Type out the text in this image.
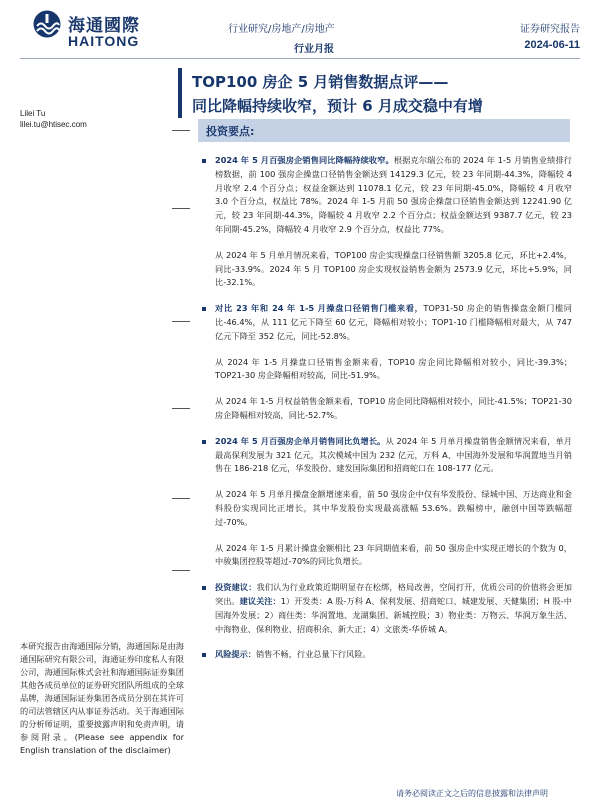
海通國際
HAITONG
行业研究/房地产/房地产
行业月报
证券研究报告
2024-06-11
TOP100 房企 5 月销售数据点评——
同比降幅持续收窄，预计 6 月成交稳中有增
Lilei Tu
lilei.tu@htisec.com
投资要点:

2024 年 5 月百强房企销售同比降幅持续收窄。根据克尔瑞公布的 2024 年 1-5 月销售业绩排行榜数据，前 100 强房企操盘口径销售金额达到 14129.3 亿元，较 23 年同期-44.3%，降幅较 4 月收窄 2.4 个百分点；权益金额达到 11078.1 亿元，较 23 年同期-45.0%，降幅较 4 月收窄 3.0 个百分点，权益比 78%。2024 年 1-5 月前 50 强房企操盘口径销售金额达到 12241.90 亿元，较 23 年同期-44.3%，降幅较 4 月收窄 2.2 个百分点；权益金额达到 9387.7 亿元，较 23 年同期-45.2%，降幅较 4 月收窄 2.9 个百分点，权益比 77%。

从 2024 年 5 月单月情况来看，TOP100 房企实现操盘口径销售额 3205.8 亿元，环比+2.4%，同比-33.9%。2024 年 5 月 TOP100 房企实现权益销售金额为 2573.9 亿元，环比+5.9%，同比-32.1%。

对比 23 年和 24 年 1-5 月操盘口径销售门槛来看，TOP31-50 房企的销售操盘金额门槛同比-46.4%，从 111 亿元下降至 60 亿元，降幅相对较小；TOP1-10 门槛降幅相对最大，从 747 亿元下降至 352 亿元，同比-52.8%。

从 2024 年 1-5 月操盘口径销售金额来看，TOP10 房企同比降幅相对较小，同比-39.3%；TOP21-30 房企降幅相对较高，同比-51.9%。

从 2024 年 1-5 月权益销售金额来看，TOP10 房企同比降幅相对较小，同比-41.5%；TOP21-30 房企降幅相对较高，同比-52.7%。

2024 年 5 月百强房企单月销售同比负增长。从 2024 年 5 月单月操盘销售金额情况来看，单月最高保利发展为 321 亿元，其次模城中国为 232 亿元，万科 A、中国海外发展和华润置地当月销售在 186-218 亿元，华发股份、建发国际集团和招商蛇口在 108-177 亿元。

从 2024 年 5 月单月操盘金额增速来看，前 50 强房企中仅有华发股份、绿城中国、万达商业和金科股份实现同比正增长，其中华发股份实现最高涨幅 53.6%。跌幅榜中，融创中国等跌幅超过-70%。

从 2024 年 1-5 月累计操盘金额相比 23 年同期值来看，前 50 强房企中实现正增长的个数为 0，中骏集团控股等超过-70%的同比负增长。

投资建议：我们认为行业政策近期明显存在松绑，格局改善，空间打开，优质公司的价值将会更加突出。建议关注：1）开发类：A 股-万科 A、保利发展、招商蛇口、城建发展、天健集团；H 股-中国海外发展；2）商住类：华润置地、龙湖集团、新城控股；3）物业类：万物云、华润万象生活、中海物业、保利物业、招商积余、新大正；4）文旅类-华侨城 A。

风险提示：销售不畅，行业总量下行风险。

本研究报告由海通国际分销，海通国际是由海通国际研究有限公司，海通证券印度私人有限公司，海通国际株式会社和海通国际证券集团其他各成员单位的证券研究团队所组成的全球品牌，海通国际证券集团各成员分别在其许可的司法管辖区内从事证券活动。关于海通国际的分析师证明，重要披露声明和免责声明，请参阅附录。(Please see appendix for English translation of the disclaimer)
请务必阅读正文之后的信息披露和法律声明
